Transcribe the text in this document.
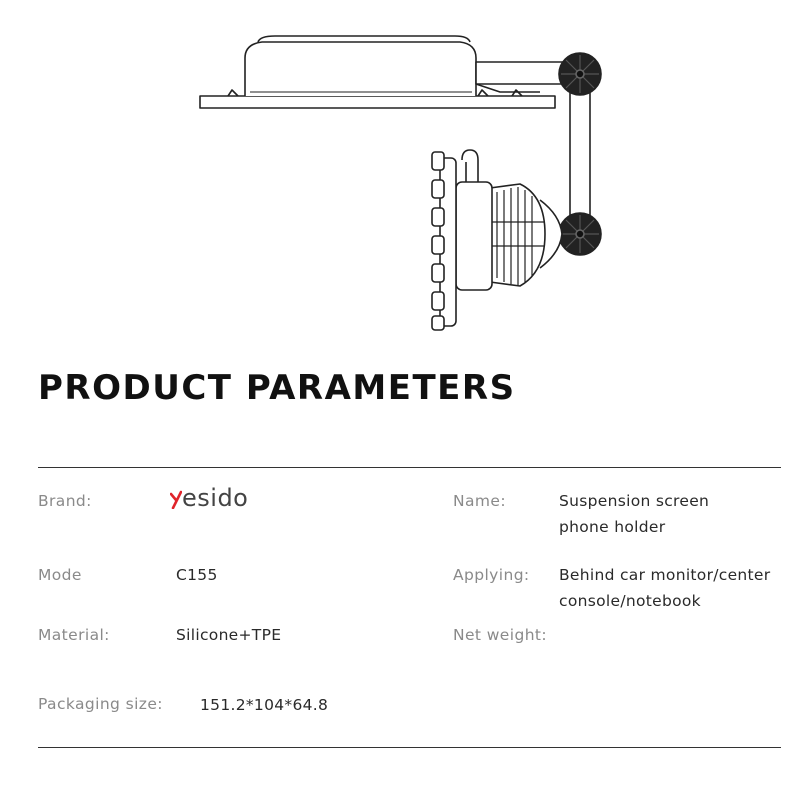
PRODUCT PARAMETERS
Brand:	esido	Name:	Suspension screen
phone holder
Mode	C155	Applying: Behind car monitor/center
console/notebook
Material:	Silicone+TPE	Net weight:
Packaging size: 151.2*104*64.8
